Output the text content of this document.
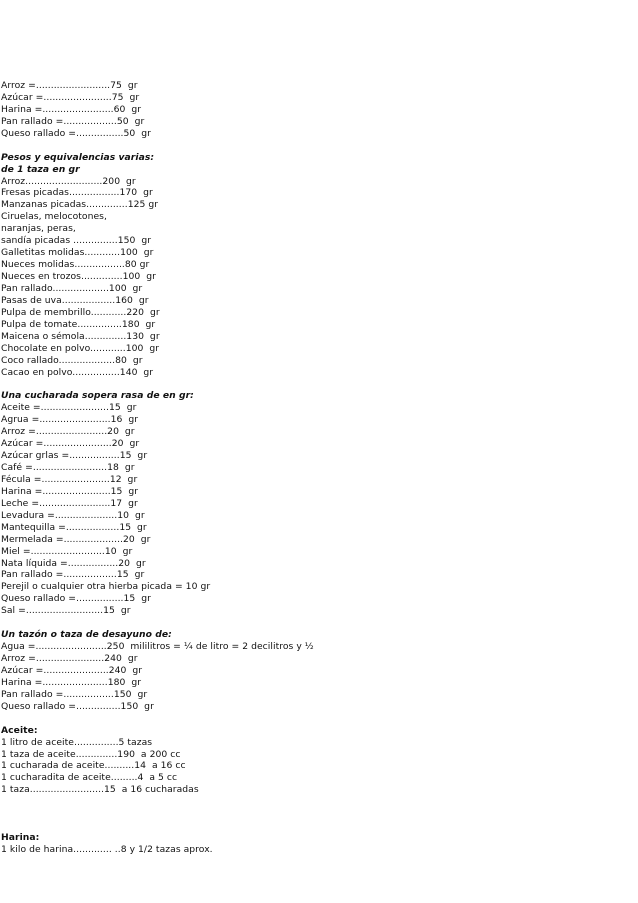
Arroz =.........................75  gr
Azúcar =.......................75  gr
Harina =........................60  gr
Pan rallado =..................50  gr
Queso rallado =................50  gr
Pesos y equivalencias varias:
de 1 taza en gr
Arroz..........................200  gr
Fresas picadas.................170  gr
Manzanas picadas..............125 gr
Ciruelas, melocotones,
naranjas, peras,
sandía picadas ...............150  gr
Galletitas molidas............100  gr
Nueces molidas.................80 gr
Nueces en trozos..............100  gr
Pan rallado...................100  gr
Pasas de uva..................160  gr
Pulpa de membrillo............220  gr
Pulpa de tomate...............180  gr
Maicena o sémola..............130  gr
Chocolate en polvo............100  gr
Coco rallado...................80  gr
Cacao en polvo................140  gr
Una cucharada sopera rasa de en gr:
Aceite =.......................15  gr
Agrua =........................16  gr
Arroz =........................20  gr
Azúcar =.......................20  gr
Azúcar grlas =.................15  gr
Café =.........................18  gr
Fécula =.......................12  gr
Harina =.......................15  gr
Leche =........................17  gr
Levadura =.....................10  gr
Mantequilla =..................15  gr
Mermelada =....................20  gr
Miel =.........................10  gr
Nata líquida =.................20  gr
Pan rallado =..................15  gr
Perejil o cualquier otra hierba picada = 10 gr
Queso rallado =................15  gr
Sal =..........................15  gr
Un tazón o taza de desayuno de:
Agua =........................250  mililitros = ¼ de litro = 2 decilitros y ½
Arroz =.......................240  gr
Azúcar =......................240  gr
Harina =......................180  gr
Pan rallado =.................150  gr
Queso rallado =...............150  gr
Aceite:
1 litro de aceite...............5 tazas
1 taza de aceite..............190  a 200 cc
1 cucharada de aceite..........14  a 16 cc
1 cucharadita de aceite.........4  a 5 cc
1 taza.........................15  a 16 cucharadas
Harina:
1 kilo de harina............. ..8 y 1/2 tazas aprox.
